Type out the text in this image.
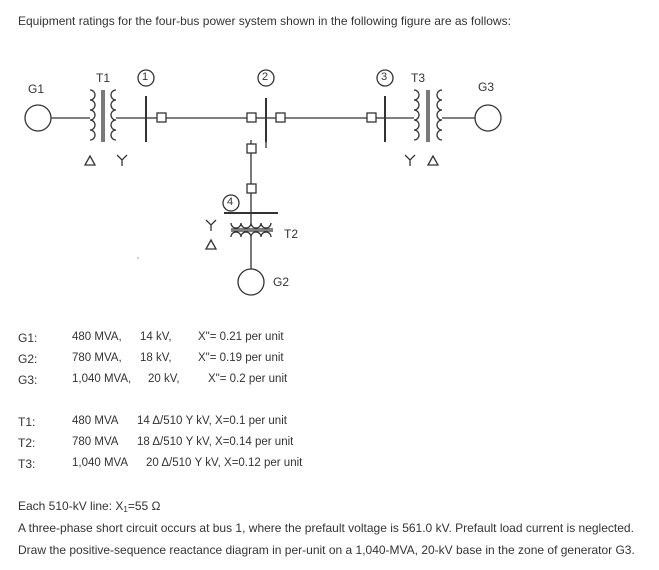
Equipment ratings for the four-bus power system shown in the following figure are as follows:
G1
T1	1	2	3
4
T3
G3
T2
G2
G1:	480 MVA, 14 kV, X"= 0.21 per unit
G2:	780 MVA, 18 kV, X"= 0.19 per unit
G3:	1,040 MVA, 20 kV, X"= 0.2 per unit
T1:	480 MVA 14 Δ/510 Y kV, X=0.1 per unit
T2:	780 MVA 18 Δ/510 Y kV, X=0.14 per unit
T3:	1,040 MVA 20 Δ/510 Y kV, X=0.12 per unit
Each 510-kV line: $X_1=55$ Ω
A three-phase short circuit occurs at bus 1, where the prefault voltage is 561.0 kV. Prefault load current is neglected.
Draw the positive-sequence reactance diagram in per-unit on a 1,040-MVA, 20-kV base in the zone of generator G3.
